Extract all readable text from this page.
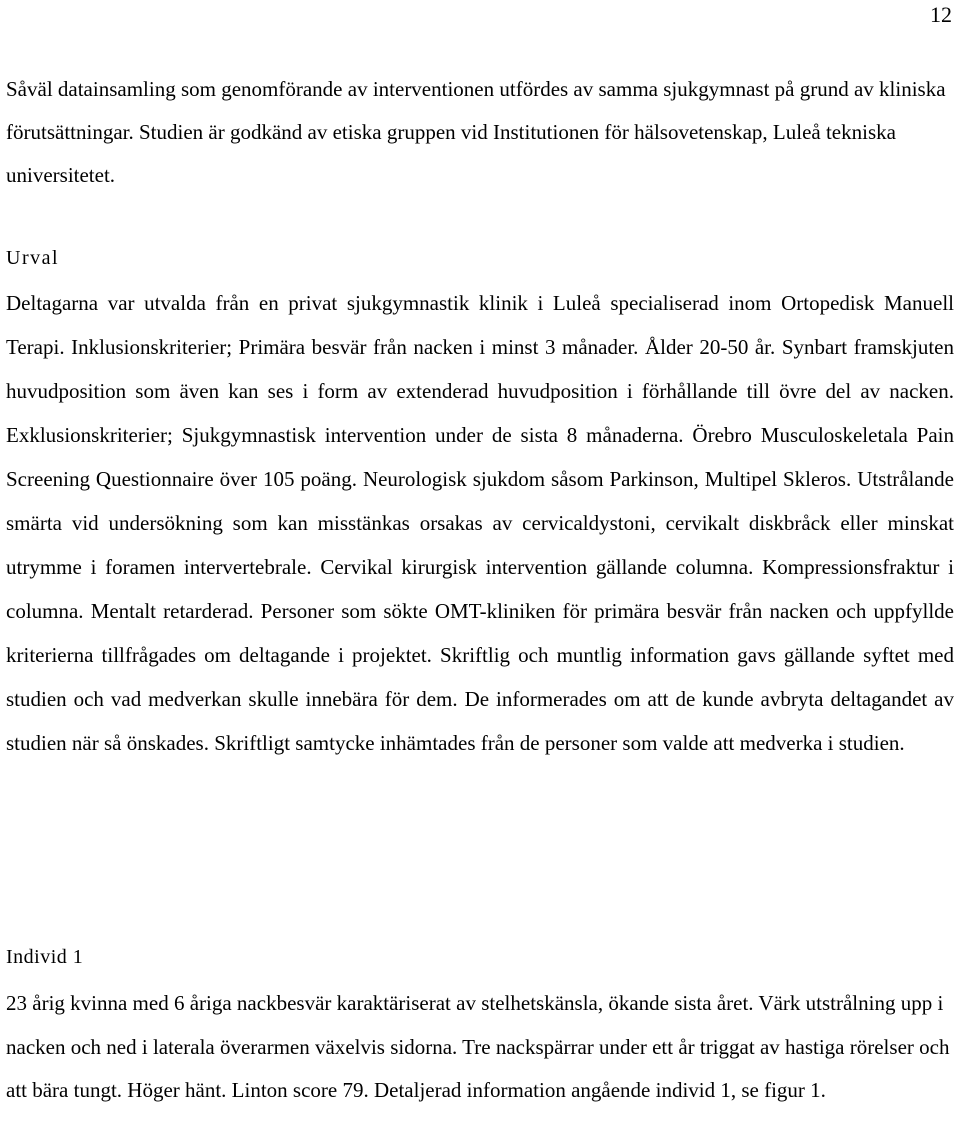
12

Såväl datainsamling som genomförande av interventionen utfördes av samma sjukgymnast på grund av kliniska förutsättningar. Studien är godkänd av etiska gruppen vid Institutionen för hälsovetenskap, Luleå tekniska universitetet.

Urval

Deltagarna var utvalda från en privat sjukgymnastik klinik i Luleå specialiserad inom Ortopedisk Manuell Terapi. Inklusionskriterier; Primära besvär från nacken i minst 3 månader. Ålder 20-50 år. Synbart framskjuten huvudposition som även kan ses i form av extenderad huvudposition i förhållande till övre del av nacken. Exklusionskriterier; Sjukgymnastisk intervention under de sista 8 månaderna. Örebro Musculoskeletala Pain Screening Questionnaire över 105 poäng. Neurologisk sjukdom såsom Parkinson, Multipel Skleros. Utstrålande smärta vid undersökning som kan misstänkas orsakas av cervicaldystoni, cervikalt diskbråck eller minskat utrymme i foramen intervertebrale. Cervikal kirurgisk intervention gällande columna. Kompressionsfraktur i columna. Mentalt retarderad. Personer som sökte OMT-kliniken för primära besvär från nacken och uppfyllde kriterierna tillfrågades om deltagande i projektet. Skriftlig och muntlig information gavs gällande syftet med studien och vad medverkan skulle innebära för dem. De informerades om att de kunde avbryta deltagandet av studien när så önskades. Skriftligt samtycke inhämtades från de personer som valde att medverka i studien.

Individ 1

23 årig kvinna med 6 åriga nackbesvär karaktäriserat av stelhetskänsla, ökande sista året. Värk utstrålning upp i nacken och ned i laterala överarmen växelvis sidorna. Tre nackspärrar under ett år triggat av hastiga rörelser och att bära tungt. Höger hänt. Linton score 79. Detaljerad information angående individ 1, se figur 1.
